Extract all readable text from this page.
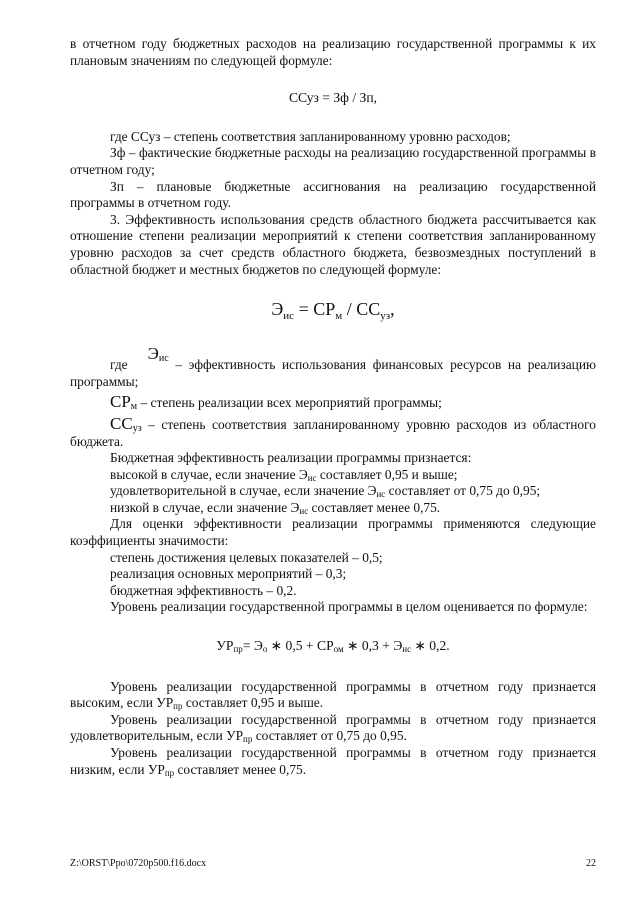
в отчетном году бюджетных расходов на реализацию государственной программы к их плановым значениям по следующей формуле:

ССуз = Зф / Зп,

где ССуз – степень соответствия запланированному уровню расходов;

Зф – фактические бюджетные расходы на реализацию государственной программы в отчетном году;

Зп – плановые бюджетные ассигнования на реализацию государственной программы в отчетном году.

3. Эффективность использования средств областного бюджета рассчитывается как отношение степени реализации мероприятий к степени соответствия запланированному уровню расходов за счет средств областного бюджета, безвозмездных поступлений в областной бюджет и местных бюджетов по следующей формуле:

$Э_{ис} = СР_м / СС_{уз}$,

где   $Э_{ис}$ – эффективность использования финансовых ресурсов на реализацию программы;

$СР_м$ – степень реализации всех мероприятий программы;

$СС_{уз}$ – степень соответствия запланированному уровню расходов из областного бюджета.

Бюджетная эффективность реализации программы признается:

высокой в случае, если значение $Э_{ис}$ составляет 0,95 и выше;

удовлетворительной в случае, если значение $Э_{ис}$ составляет от 0,75 до 0,95;

низкой в случае, если значение $Э_{ис}$ составляет менее 0,75.

Для оценки эффективности реализации программы применяются следующие коэффициенты значимости:

степень достижения целевых показателей – 0,5;

реализация основных мероприятий – 0,3;

бюджетная эффективность – 0,2.

Уровень реализации государственной программы в целом оценивается по формуле:

$УР_{пр}= Э_о$ ∗ $0,5 + СР_{ом}$ ∗ $0,3 + Э_{ис}$ ∗ 0,2.

Уровень реализации государственной программы в отчетном году признается высоким, если $УР_{пр}$ составляет 0,95 и выше.

Уровень реализации государственной программы в отчетном году признается удовлетворительным, если $УР_{пр}$ составляет от 0,75 до 0,95.

Уровень реализации государственной программы в отчетном году признается низким, если $УР_{пр}$ составляет менее 0,75.

Z:\ORST\Ppo\0720p500.f16.docx	22
